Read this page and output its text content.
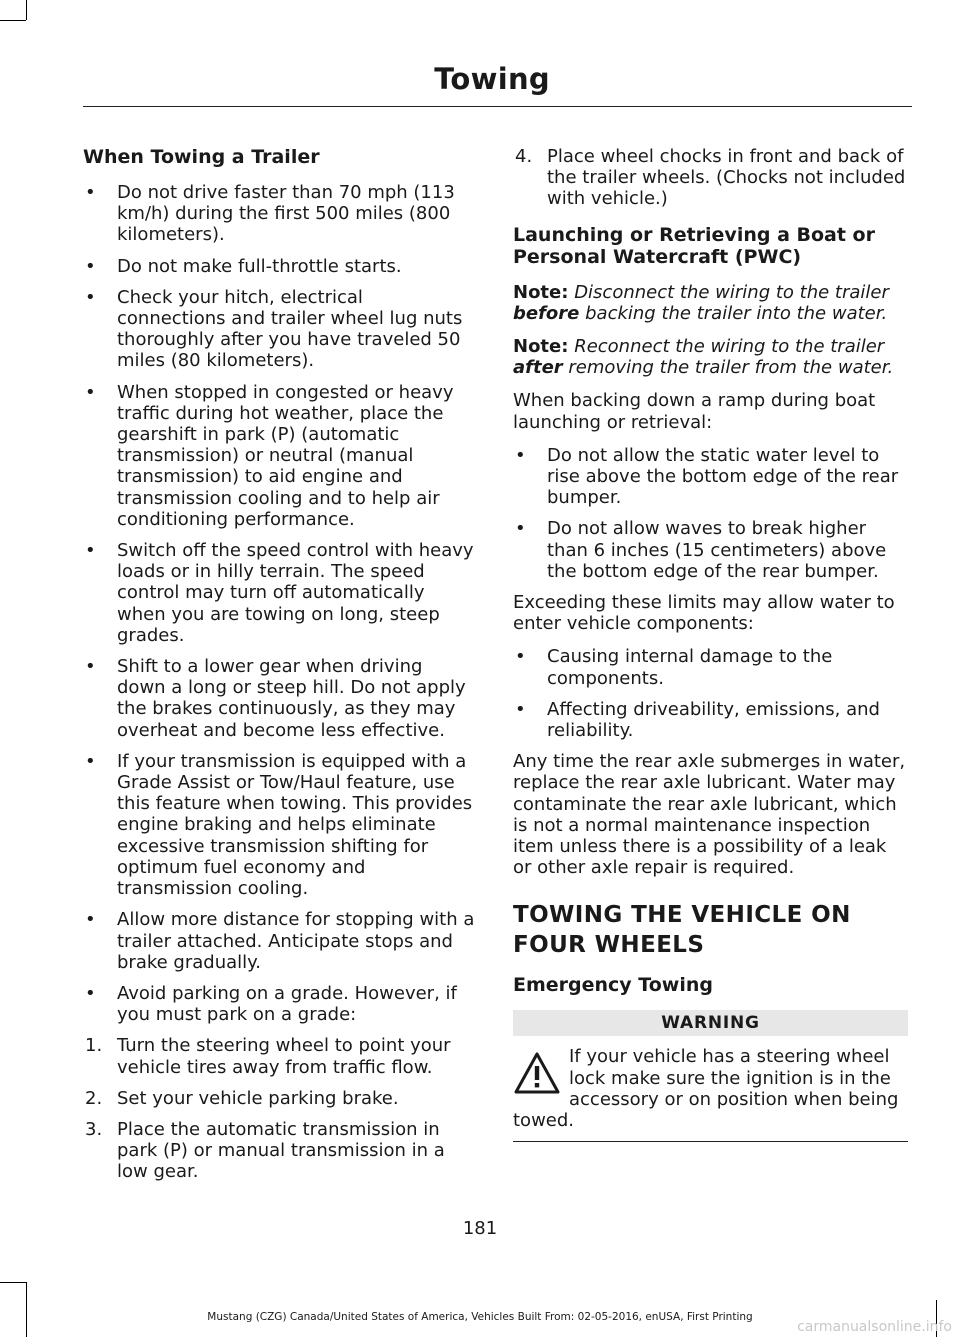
Towing
When Towing a Trailer
• Do not drive faster than 70 mph (113 km/h) during the first 500 miles (800 kilometers).
• Do not make full-throttle starts.
• Check your hitch, electrical connections and trailer wheel lug nuts thoroughly after you have traveled 50 miles (80 kilometers).
• When stopped in congested or heavy traffic during hot weather, place the gearshift in park (P) (automatic transmission) or neutral (manual transmission) to aid engine and transmission cooling and to help air conditioning performance.
• Switch off the speed control with heavy loads or in hilly terrain. The speed control may turn off automatically when you are towing on long, steep grades.
• Shift to a lower gear when driving down a long or steep hill. Do not apply the brakes continuously, as they may overheat and become less effective.
• If your transmission is equipped with a Grade Assist or Tow/Haul feature, use this feature when towing. This provides engine braking and helps eliminate excessive transmission shifting for optimum fuel economy and transmission cooling.
• Allow more distance for stopping with a trailer attached. Anticipate stops and brake gradually.
• Avoid parking on a grade. However, if you must park on a grade:
1. Turn the steering wheel to point your vehicle tires away from traffic flow.
2. Set your vehicle parking brake.
3. Place the automatic transmission in park (P) or manual transmission in a low gear.
4. Place wheel chocks in front and back of the trailer wheels. (Chocks not included with vehicle.)
Launching or Retrieving a Boat or Personal Watercraft (PWC)

Note: Disconnect the wiring to the trailer before backing the trailer into the water.

Note: Reconnect the wiring to the trailer after removing the trailer from the water.

When backing down a ramp during boat launching or retrieval:

• Do not allow the static water level to rise above the bottom edge of the rear bumper.
• Do not allow waves to break higher than 6 inches (15 centimeters) above the bottom edge of the rear bumper.

Exceeding these limits may allow water to enter vehicle components:

• Causing internal damage to the components.
• Affecting driveability, emissions, and reliability.

Any time the rear axle submerges in water, replace the rear axle lubricant. Water may contaminate the rear axle lubricant, which is not a normal maintenance inspection item unless there is a possibility of a leak or other axle repair is required.

TOWING THE VEHICLE ON
FOUR WHEELS
Emergency Towing
WARNING
If your vehicle has a steering wheel lock make sure the ignition is in the accessory or on position when being towed.
181
Mustang (CZG) Canada/United States of America, Vehicles Built From: 02-05-2016, enUSA, First Printing
carmanualsonline.info
